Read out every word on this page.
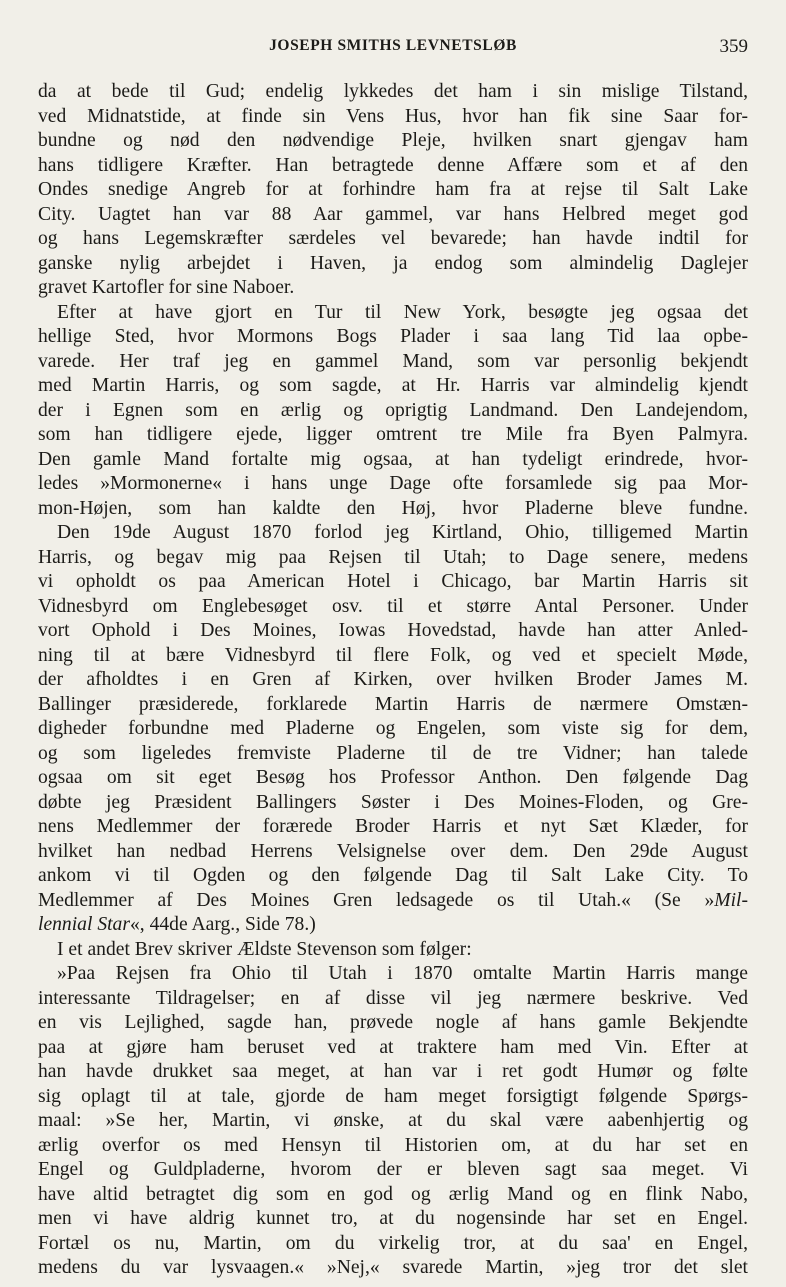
JOSEPH SMITHS LEVNETSLØB	359
da at bede til Gud; endelig lykkedes det ham i sin mislige Tilstand,
ved Midnatstide, at finde sin Vens Hus, hvor han fik sine Saar for-
bundne og nød den nødvendige Pleje, hvilken snart gjengav ham
hans tidligere Kræfter. Han betragtede denne Affære som et af den
Ondes snedige Angreb for at forhindre ham fra at rejse til Salt Lake
City. Uagtet han var 88 Aar gammel, var hans Helbred meget god
og hans Legemskræfter særdeles vel bevarede; han havde indtil for
ganske nylig arbejdet i Haven, ja endog som almindelig Daglejer
gravet Kartofler for sine Naboer.
Efter at have gjort en Tur til New York, besøgte jeg ogsaa det
hellige Sted, hvor Mormons Bogs Plader i saa lang Tid laa opbe-
varede. Her traf jeg en gammel Mand, som var personlig bekjendt
med Martin Harris, og som sagde, at Hr. Harris var almindelig kjendt
der i Egnen som en ærlig og oprigtig Landmand. Den Landejendom,
som han tidligere ejede, ligger omtrent tre Mile fra Byen Palmyra.
Den gamle Mand fortalte mig ogsaa, at han tydeligt erindrede, hvor-
ledes »Mormonerne« i hans unge Dage ofte forsamlede sig paa Mor-
mon-Højen, som han kaldte den Høj, hvor Pladerne bleve fundne.
Den 19de August 1870 forlod jeg Kirtland, Ohio, tilligemed Martin
Harris, og begav mig paa Rejsen til Utah; to Dage senere, medens
vi opholdt os paa American Hotel i Chicago, bar Martin Harris sit
Vidnesbyrd om Englebesøget osv. til et større Antal Personer. Under
vort Ophold i Des Moines, Iowas Hovedstad, havde han atter Anled-
ning til at bære Vidnesbyrd til flere Folk, og ved et specielt Møde,
der afholdtes i en Gren af Kirken, over hvilken Broder James M.
Ballinger præsiderede, forklarede Martin Harris de nærmere Omstæn-
digheder forbundne med Pladerne og Engelen, som viste sig for dem,
og som ligeledes fremviste Pladerne til de tre Vidner; han talede
ogsaa om sit eget Besøg hos Professor Anthon. Den følgende Dag
døbte jeg Præsident Ballingers Søster i Des Moines-Floden, og Gre-
nens Medlemmer der forærede Broder Harris et nyt Sæt Klæder, for
hvilket han nedbad Herrens Velsignelse over dem. Den 29de August
ankom vi til Ogden og den følgende Dag til Salt Lake City. To
Medlemmer af Des Moines Gren ledsagede os til Utah.« (Se »Mil-
lennial Star«, 44de Aarg., Side 78.)
I et andet Brev skriver Ældste Stevenson som følger:
»Paa Rejsen fra Ohio til Utah i 1870 omtalte Martin Harris mange
interessante Tildragelser; en af disse vil jeg nærmere beskrive. Ved
en vis Lejlighed, sagde han, prøvede nogle af hans gamle Bekjendte
paa at gjøre ham beruset ved at traktere ham med Vin. Efter at
han havde drukket saa meget, at han var i ret godt Humør og følte
sig oplagt til at tale, gjorde de ham meget forsigtigt følgende Spørgs-
maal: »Se her, Martin, vi ønske, at du skal være aabenhjertig og
ærlig overfor os med Hensyn til Historien om, at du har set en
Engel og Guldpladerne, hvorom der er bleven sagt saa meget. Vi
have altid betragtet dig som en god og ærlig Mand og en flink Nabo,
men vi have aldrig kunnet tro, at du nogensinde har set en Engel.
Fortæl os nu, Martin, om du virkelig tror, at du saa' en Engel,
medens du var lysvaagen.« »Nej,« svarede Martin, »jeg tror det slet
